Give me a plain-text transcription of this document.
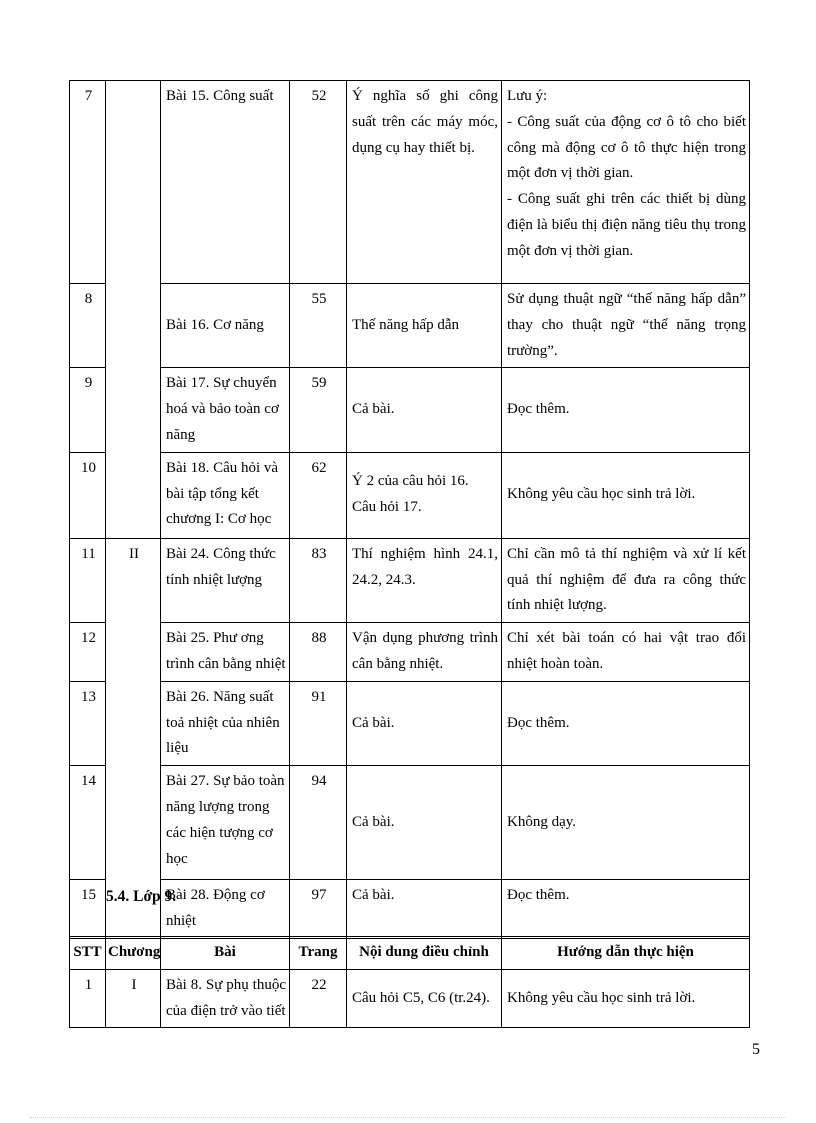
7		Bài 15. Công suất	52	Ý nghĩa số ghi công suất trên các máy móc, dụng cụ hay thiết bị.	Lưu ý:
- Công suất của động cơ ô tô cho biết công mà động cơ ô tô thực hiện trong một đơn vị thời gian.
- Công suất ghi trên các thiết bị dùng điện là biểu thị điện năng tiêu thụ trong một đơn vị thời gian.

8		Bài 16. Cơ năng	55	Thế năng hấp dẫn	Sử dụng thuật ngữ “thế năng hấp dẫn” thay cho thuật ngữ “thế năng trọng trường”.
9		Bài 17. Sự chuyển hoá và bảo toàn cơ năng	59	Cả bài.	Đọc thêm.
10		Bài 18. Câu hỏi và bài tập tổng kết chương I: Cơ học	62	Ý 2 của câu hỏi 16.
Câu hỏi 17.	Không yêu cầu học sinh trả lời.
11	II	Bài 24. Công thức tính nhiệt lượng	83	Thí nghiệm hình 24.1, 24.2, 24.3.	Chỉ cần mô tả thí nghiệm và xử lí kết quả thí nghiệm để đưa ra công thức tính nhiệt lượng.
12		Bài 25. Phư ơng trình cân bằng nhiệt	88	Vận dụng phương trình cân bằng nhiệt.	Chỉ xét bài toán có hai vật trao đổi nhiệt hoàn toàn.
13		Bài 26. Năng suất toả nhiệt của nhiên liệu	91	Cả bài.	Đọc thêm.
14		Bài 27. Sự bảo toàn năng lượng trong các hiện tượng cơ học	94	Cả bài.	Không dạy.
15		Bài 28. Động cơ nhiệt	97	Cả bài.	Đọc thêm.
5.4. Lớp 9.
STT	Chương	Bài	Trang	Nội dung điều chỉnh	Hướng dẫn thực hiện
1	I	Bài 8. Sự phụ thuộc của điện trở vào tiết	22	Câu hỏi C5, C6 (tr.24).	Không yêu cầu học sinh trả lời.
5
